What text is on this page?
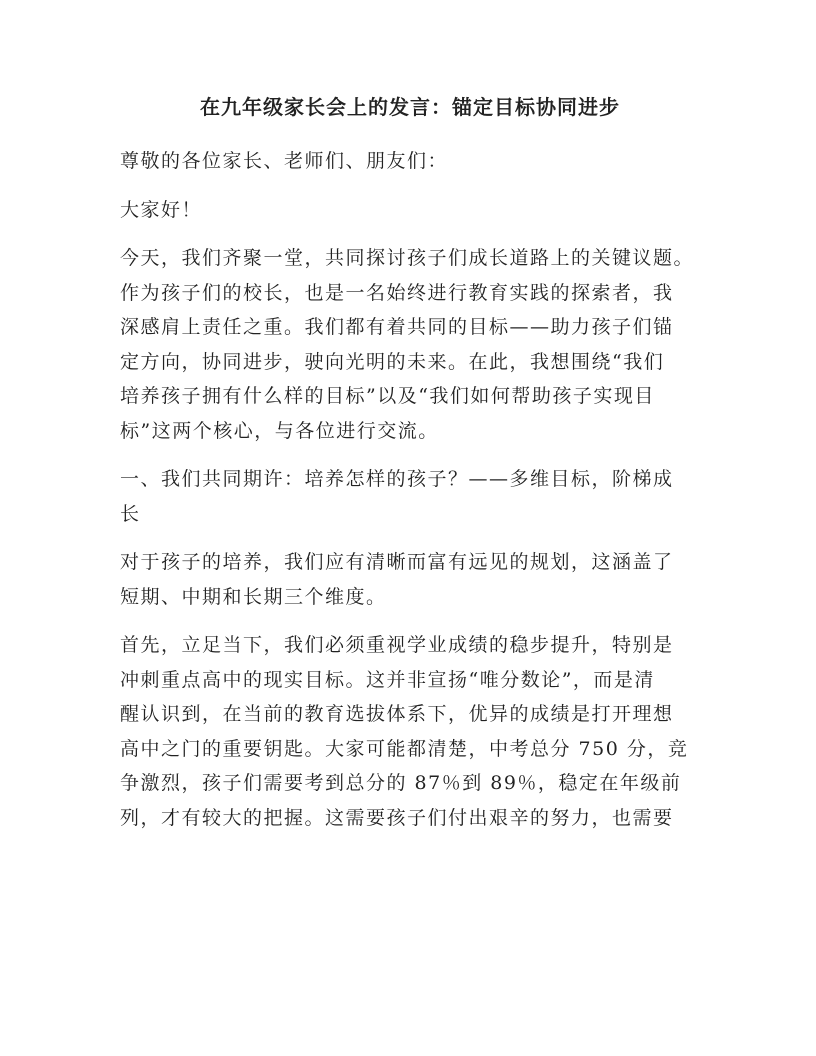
在九年级家长会上的发言：锚定目标协同进步

尊敬的各位家长、老师们、朋友们：

大家好！

今天，我们齐聚一堂，共同探讨孩子们成长道路上的关键议题。
作为孩子们的校长，也是一名始终进行教育实践的探索者，我
深感肩上责任之重。我们都有着共同的目标——助力孩子们锚
定方向，协同进步，驶向光明的未来。在此，我想围绕“我们
培养孩子拥有什么样的目标”以及“我们如何帮助孩子实现目
标”这两个核心，与各位进行交流。

一、我们共同期许：培养怎样的孩子？——多维目标，阶梯成
长

对于孩子的培养，我们应有清晰而富有远见的规划，这涵盖了
短期、中期和长期三个维度。

首先，立足当下，我们必须重视学业成绩的稳步提升，特别是
冲刺重点高中的现实目标。这并非宣扬“唯分数论”，而是清
醒认识到，在当前的教育选拔体系下，优异的成绩是打开理想
高中之门的重要钥匙。大家可能都清楚，中考总分 750 分，竞
争激烈，孩子们需要考到总分的 87％到 89％，稳定在年级前
列，才有较大的把握。这需要孩子们付出艰辛的努力，也需要
